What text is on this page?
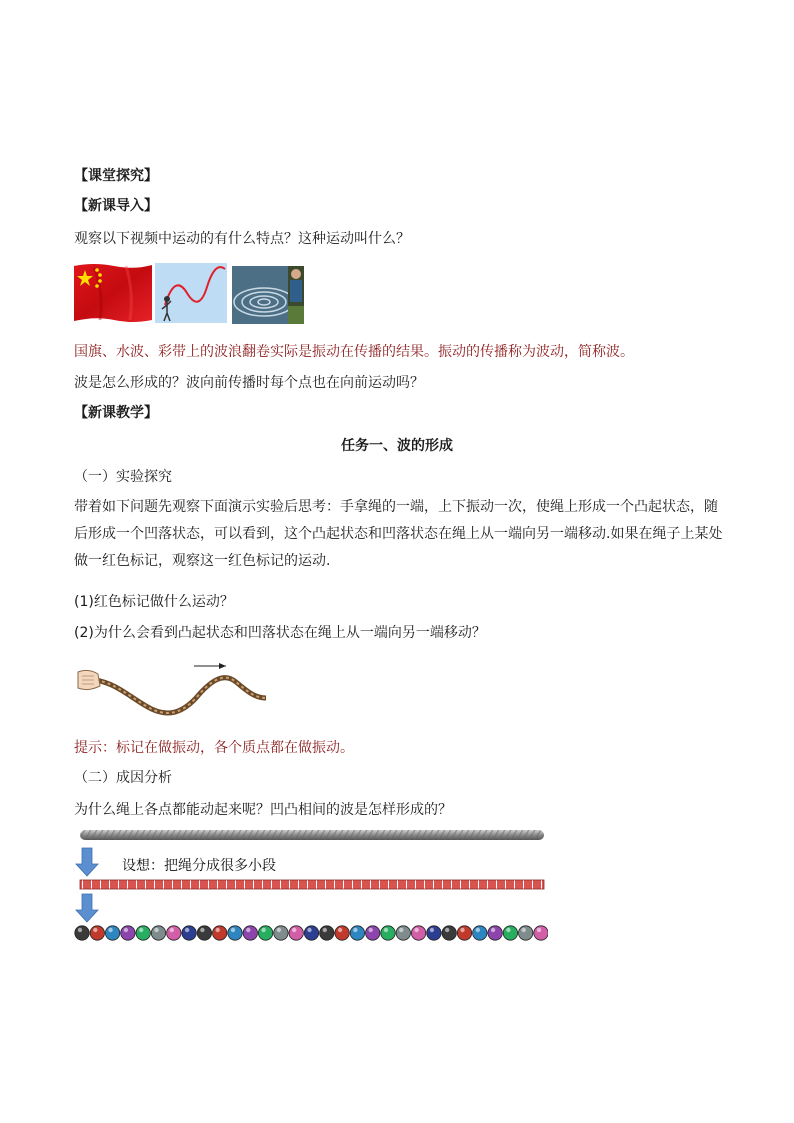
【课堂探究】
【新课导入】
观察以下视频中运动的有什么特点？这种运动叫什么？
国旗、水波、彩带上的波浪翻卷实际是振动在传播的结果。振动的传播称为波动，简称波。
波是怎么形成的？波向前传播时每个点也在向前运动吗？
【新课教学】
任务一、波的形成
（一）实验探究
带着如下问题先观察下面演示实验后思考：手拿绳的一端，上下振动一次，使绳上形成一个凸起状态，随后形成一个凹落状态，可以看到，这个凸起状态和凹落状态在绳上从一端向另一端移动.如果在绳子上某处做一红色标记，观察这一红色标记的运动.
(1)红色标记做什么运动？
(2)为什么会看到凸起状态和凹落状态在绳上从一端向另一端移动？
提示：标记在做振动，各个质点都在做振动。
（二）成因分析
为什么绳上各点都能动起来呢？凹凸相间的波是怎样形成的？
设想：把绳分成很多小段
